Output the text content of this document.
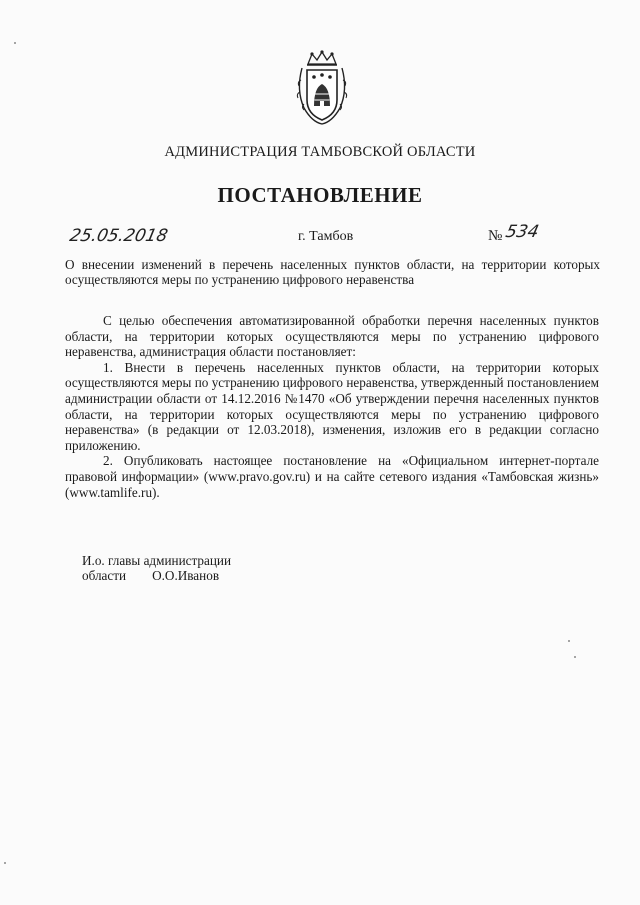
АДМИНИСТРАЦИЯ ТАМБОВСКОЙ ОБЛАСТИ
ПОСТАНОВЛЕНИЕ
25.05.2018	г. Тамбов	№ 534
О внесении изменений в перечень населенных пунктов области, на территории которых осуществляются меры по устранению цифрового неравенства

С целью обеспечения автоматизированной обработки перечня населенных пунктов области, на территории которых осуществляются меры по устранению цифрового неравенства, администрация области постановляет:

1. Внести в перечень населенных пунктов области, на территории которых осуществляются меры по устранению цифрового неравенства, утвержденный постановлением администрации области от 14.12.2016 №1470 «Об утверждении перечня населенных пунктов области, на территории которых осуществляются меры по устранению цифрового неравенства» (в редакции от 12.03.2018), изменения, изложив его в редакции согласно приложению.

2. Опубликовать настоящее постановление на «Официальном интернет-портале правовой информации» (www.pravo.gov.ru) и на сайте сетевого издания «Тамбовская жизнь» (www.tamlife.ru).

И.о. главы администрации
области О.О.Иванов
